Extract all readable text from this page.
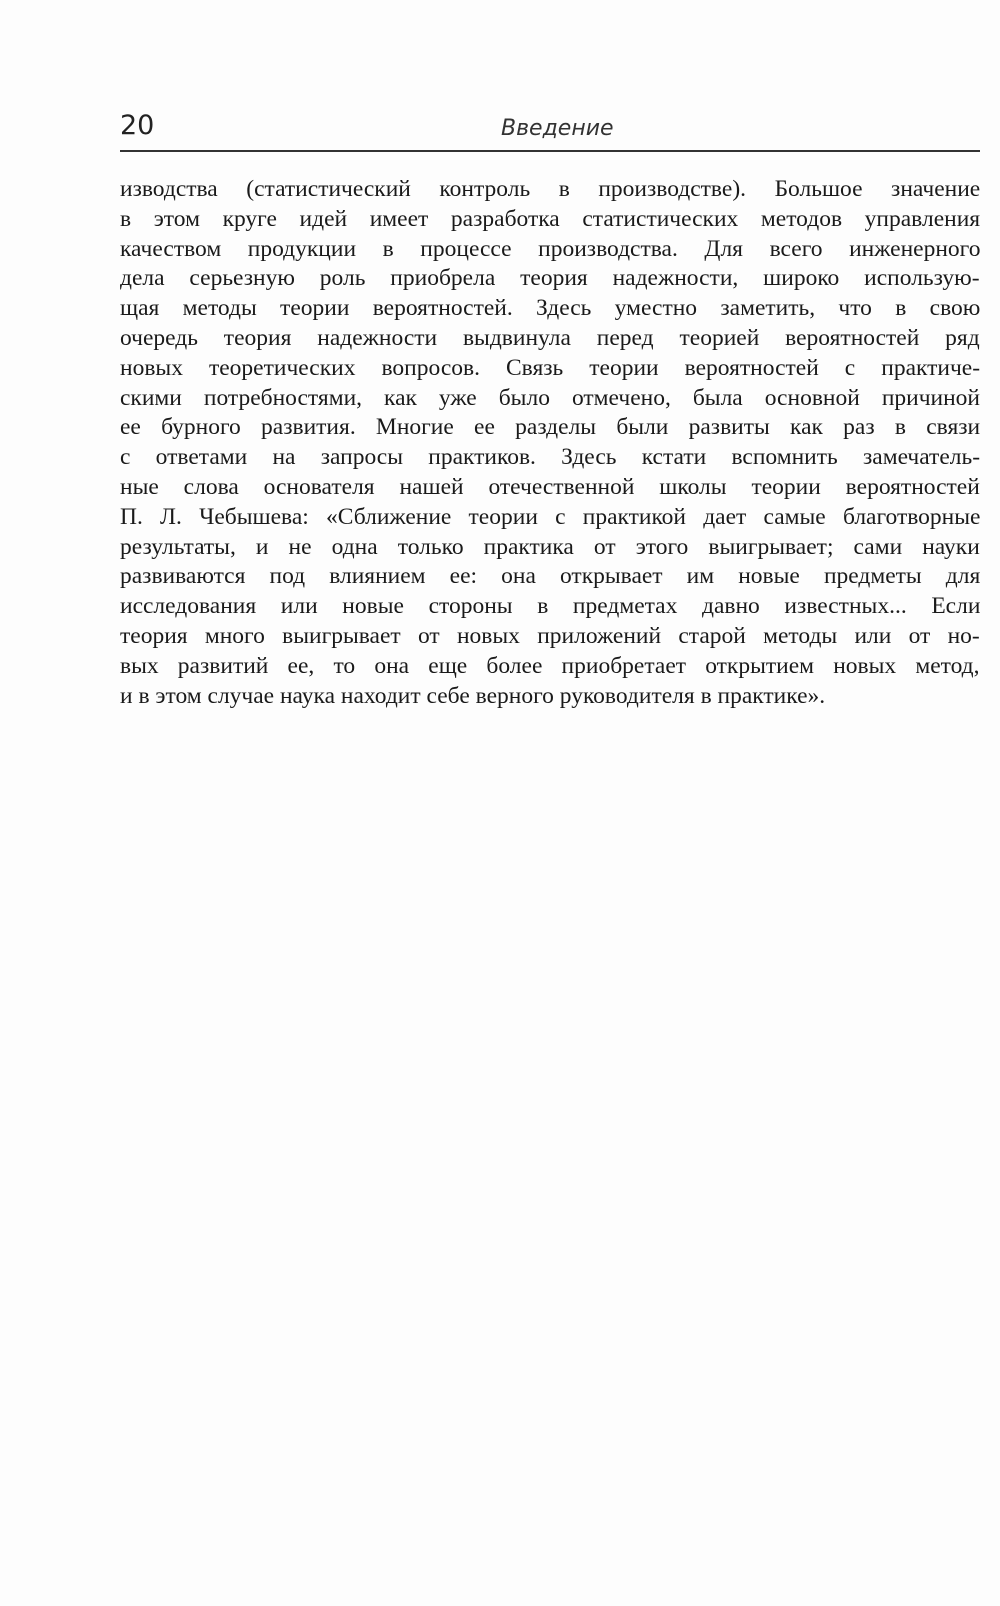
20	Введение
изводства (статистический контроль в производстве). Большое значение
в этом круге идей имеет разработка статистических методов управления
качеством продукции в процессе производства. Для всего инженерного
дела серьезную роль приобрела теория надежности, широко использую-
щая методы теории вероятностей. Здесь уместно заметить, что в свою
очередь теория надежности выдвинула перед теорией вероятностей ряд
новых теоретических вопросов. Связь теории вероятностей с практиче-
скими потребностями, как уже было отмечено, была основной причиной
ее бурного развития. Многие ее разделы были развиты как раз в связи
с ответами на запросы практиков. Здесь кстати вспомнить замечатель-
ные слова основателя нашей отечественной школы теории вероятностей
П. Л. Чебышева: «Сближение теории с практикой дает самые благотворные
результаты, и не одна только практика от этого выигрывает; сами науки
развиваются под влиянием ее: она открывает им новые предметы для
исследования или новые стороны в предметах давно известных... Если
теория много выигрывает от новых приложений старой методы или от но-
вых развитий ее, то она еще более приобретает открытием новых метод,
и в этом случае наука находит себе верного руководителя в практике».
